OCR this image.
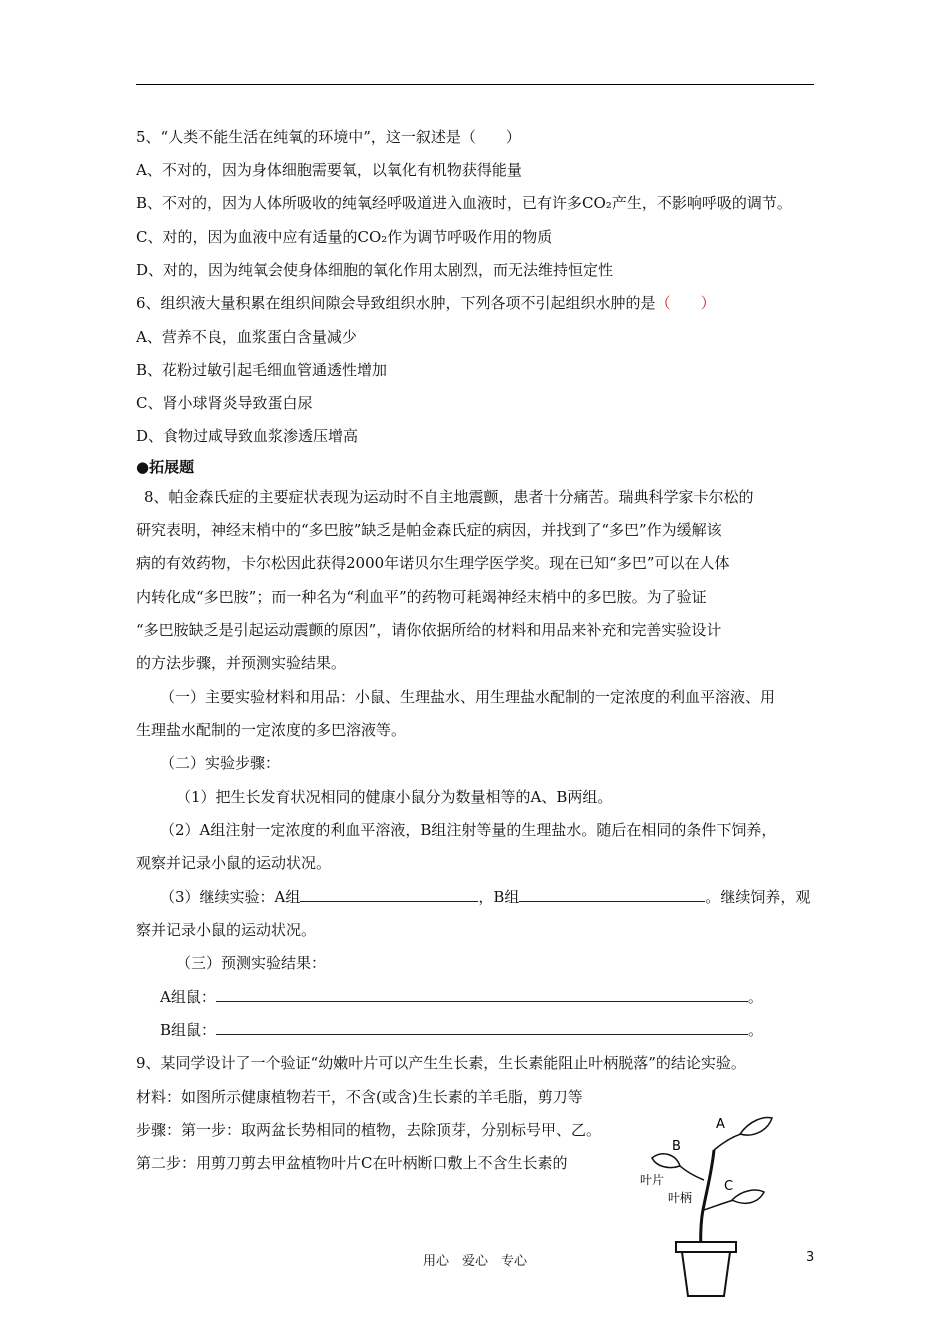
5、“人类不能生活在纯氧的环境中”，这一叙述是（　　）
A、不对的，因为身体细胞需要氧，以氧化有机物获得能量
B、不对的，因为人体所吸收的纯氧经呼吸道进入血液时，已有许多CO₂产生，不影响呼吸的调节。
C、对的，因为血液中应有适量的CO₂作为调节呼吸作用的物质
D、对的，因为纯氧会使身体细胞的氧化作用太剧烈，而无法维持恒定性
6、组织液大量积累在组织间隙会导致组织水肿，下列各项不引起组织水肿的是（　　）
A、营养不良，血浆蛋白含量减少
B、花粉过敏引起毛细血管通透性增加
C、肾小球肾炎导致蛋白尿
D、食物过咸导致血浆渗透压增高
●拓展题
8、帕金森氏症的主要症状表现为运动时不自主地震颤，患者十分痛苦。瑞典科学家卡尔松的
研究表明，神经末梢中的“多巴胺”缺乏是帕金森氏症的病因，并找到了“多巴”作为缓解该
病的有效药物，卡尔松因此获得2000年诺贝尔生理学医学奖。现在已知“多巴”可以在人体
内转化成“多巴胺”；而一种名为“利血平”的药物可耗竭神经末梢中的多巴胺。为了验证
“多巴胺缺乏是引起运动震颤的原因”，请你依据所给的材料和用品来补充和完善实验设计
的方法步骤，并预测实验结果。
（一）主要实验材料和用品：小鼠、生理盐水、用生理盐水配制的一定浓度的利血平溶液、用
生理盐水配制的一定浓度的多巴溶液等。
（二）实验步骤：
（1）把生长发育状况相同的健康小鼠分为数量相等的A、B两组。
（2）A组注射一定浓度的利血平溶液，B组注射等量的生理盐水。随后在相同的条件下饲养，
观察并记录小鼠的运动状况。
（3）继续实验：A组	，B组	。继续饲养，观
察并记录小鼠的运动状况。
（三）预测实验结果：
A组鼠：	。
B组鼠：	。
9、某同学设计了一个验证“幼嫩叶片可以产生生长素，生长素能阻止叶柄脱落”的结论实验。
材料：如图所示健康植物若干，不含(或含)生长素的羊毛脂，剪刀等
步骤：第一步：取两盆长势相同的植物，去除顶芽，分别标号甲、乙。
第二步：用剪刀剪去甲盆植物叶片C在叶柄断口敷上不含生长素的
A
B
C
叶片
叶柄
用心　爱心　专心	3
